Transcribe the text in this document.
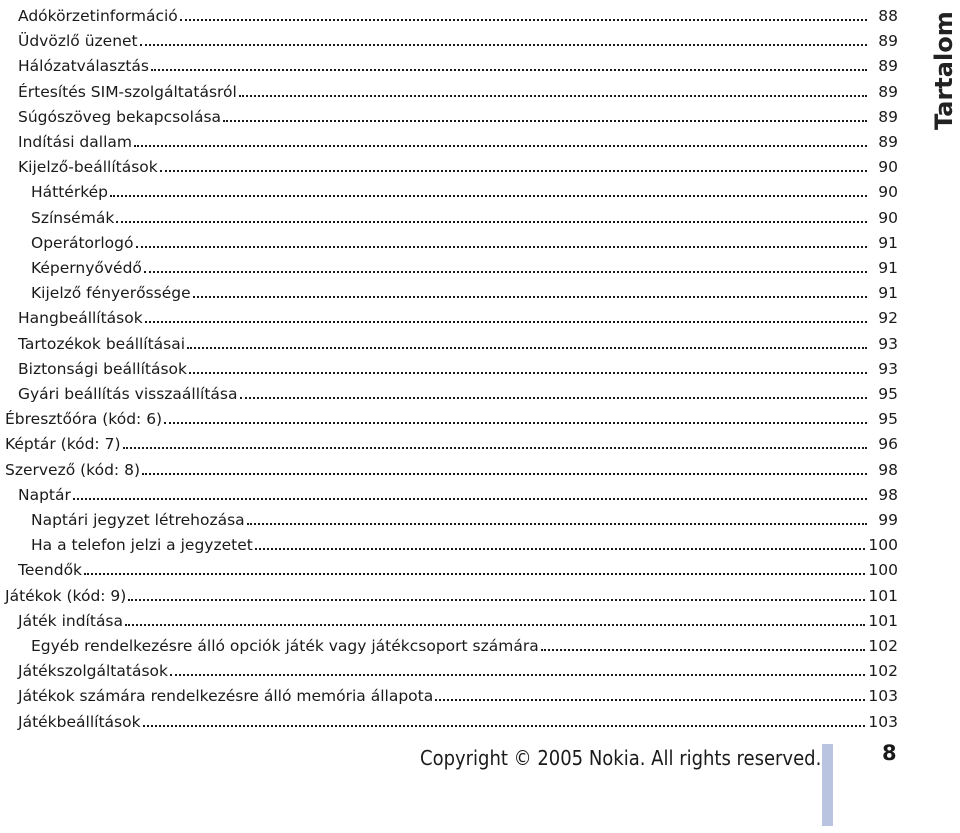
Adókörzetinformáció	88
Üdvözlő üzenet	89
Hálózatválasztás	89
Értesítés SIM-szolgáltatásról	89
Súgószöveg bekapcsolása	89
Indítási dallam	89
Kijelző-beállítások	90
Háttérkép	90
Színsémák	90
Operátorlogó	91
Képernyővédő	91
Kijelző fényerőssége	91
Hangbeállítások	92
Tartozékok beállításai	93
Biztonsági beállítások	93
Gyári beállítás visszaállítása	95
Ébresztőóra (kód: 6)	95
Képtár (kód: 7)	96
Szervező (kód: 8)	98
Naptár	98
Naptári jegyzet létrehozása	99
Ha a telefon jelzi a jegyzetet	100
Teendők	100
Játékok (kód: 9)	101
Játék indítása	101
Egyéb rendelkezésre álló opciók játék vagy játékcsoport számára	102
Játékszolgáltatások	102
Játékok számára rendelkezésre álló memória állapota	103
Játékbeállítások	103
Tartalom
Copyright © 2005 Nokia. All rights reserved.	8
